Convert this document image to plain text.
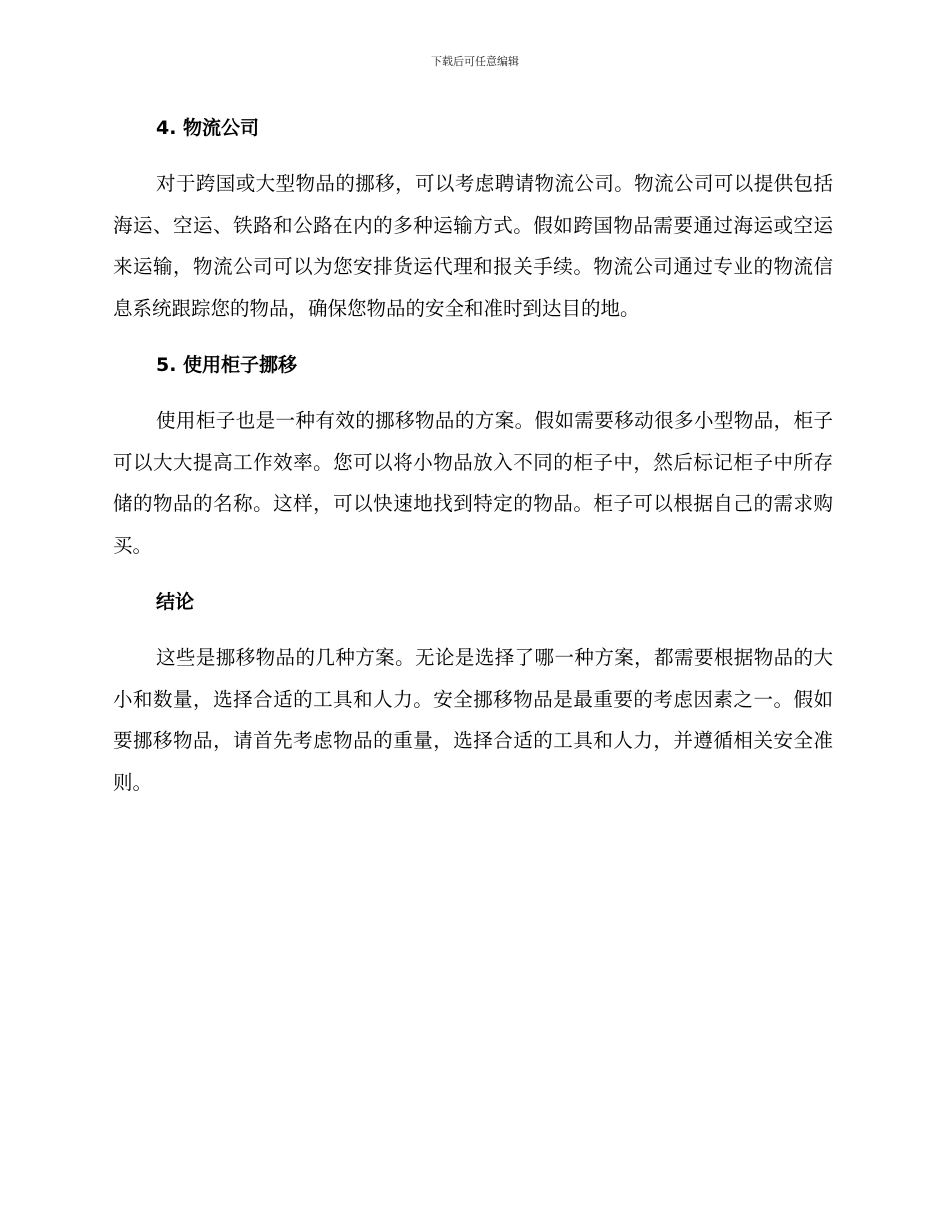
下载后可任意编辑
4. 物流公司

对于跨国或大型物品的挪移，可以考虑聘请物流公司。物流公司可以提供包括海运、空运、铁路和公路在内的多种运输方式。假如跨国物品需要通过海运或空运来运输，物流公司可以为您安排货运代理和报关手续。物流公司通过专业的物流信息系统跟踪您的物品，确保您物品的安全和准时到达目的地。

5. 使用柜子挪移

使用柜子也是一种有效的挪移物品的方案。假如需要移动很多小型物品，柜子可以大大提高工作效率。您可以将小物品放入不同的柜子中，然后标记柜子中所存储的物品的名称。这样，可以快速地找到特定的物品。柜子可以根据自己的需求购买。

结论

这些是挪移物品的几种方案。无论是选择了哪一种方案，都需要根据物品的大小和数量，选择合适的工具和人力。安全挪移物品是最重要的考虑因素之一。假如要挪移物品，请首先考虑物品的重量，选择合适的工具和人力，并遵循相关安全准则。
